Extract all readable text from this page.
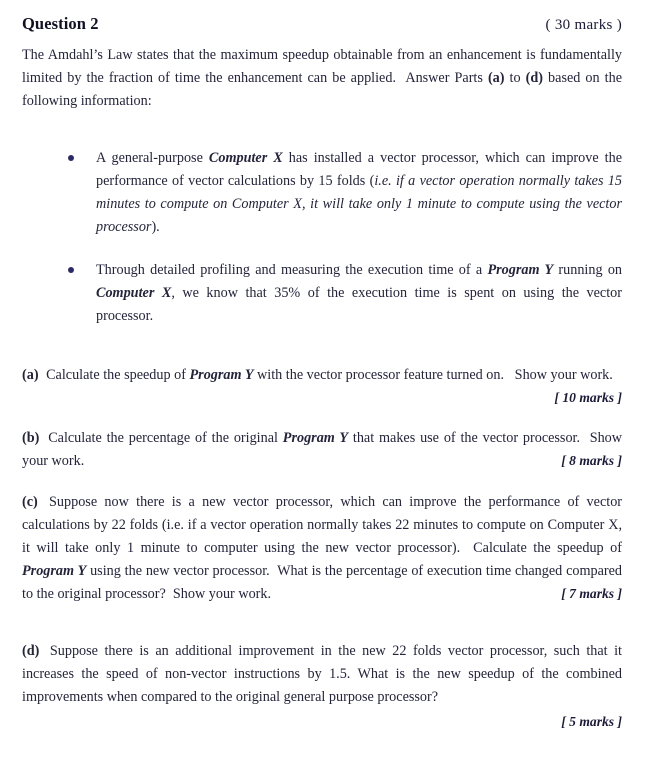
Question 2	( 30 marks )

The Amdahl’s Law states that the maximum speedup obtainable from an enhancement is fundamentally limited by the fraction of time the enhancement can be applied.  Answer Parts (a) to (d) based on the following information:

A general-purpose Computer X has installed a vector processor, which can improve the performance of vector calculations by 15 folds (i.e. if a vector operation normally takes 15 minutes to compute on Computer X, it will take only 1 minute to compute using the vector processor).
Through detailed profiling and measuring the execution time of a Program Y running on Computer X, we know that 35% of the execution time is spent on using the vector processor.
(a) Calculate the speedup of Program Y with the vector processor feature turned on.   Show your work.
[ 10 marks ]
(b) Calculate the percentage of the original Program Y that makes use of the vector processor.  Show your work.	[ 8 marks ]
(c) Suppose now there is a new vector processor, which can improve the performance of vector calculations by 22 folds (i.e. if a vector operation normally takes 22 minutes to compute on Computer X, it will take only 1 minute to computer using the new vector processor).  Calculate the speedup of Program Y using the new vector processor.  What is the percentage of execution time changed compared to the original processor?  Show your work.	[ 7 marks ]
(d) Suppose there is an additional improvement in the new 22 folds vector processor, such that it increases the speed of non-vector instructions by 1.5. What is the new speedup of the combined improvements when compared to the original general purpose processor?
[ 5 marks ]
